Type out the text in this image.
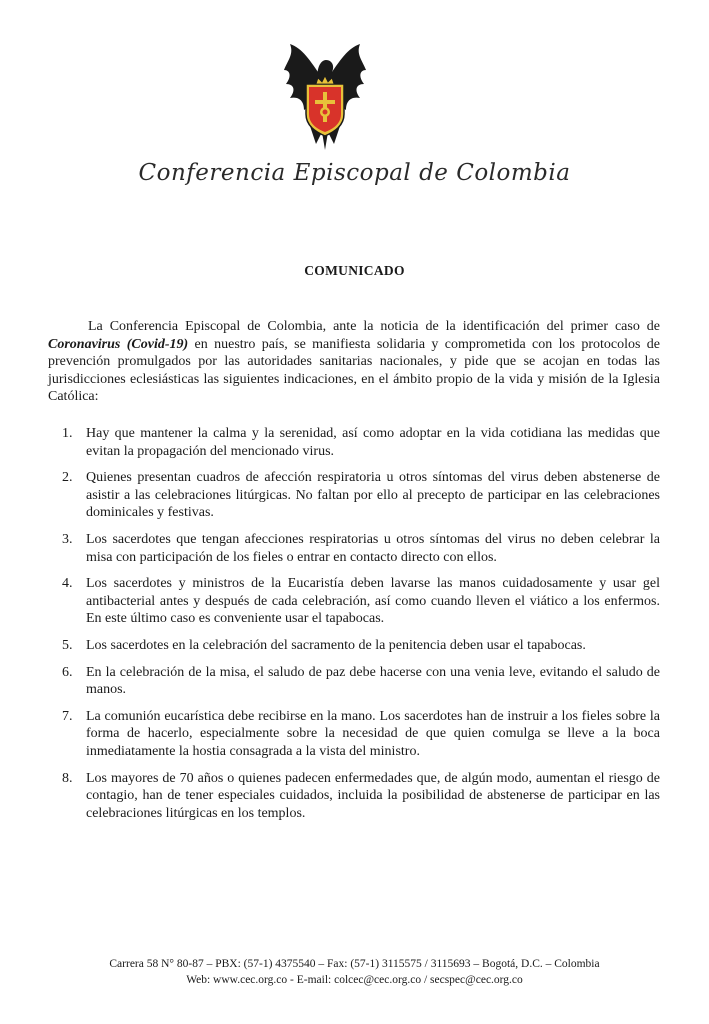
Conferencia Episcopal de Colombia
COMUNICADO

La Conferencia Episcopal de Colombia, ante la noticia de la identificación del primer caso de Coronavirus (Covid-19) en nuestro país, se manifiesta solidaria y comprometida con los protocolos de prevención promulgados por las autoridades sanitarias nacionales, y pide que se acojan en todas las jurisdicciones eclesiásticas las siguientes indicaciones, en el ámbito propio de la vida y misión de la Iglesia Católica:

1. Hay que mantener la calma y la serenidad, así como adoptar en la vida cotidiana las medidas que evitan la propagación del mencionado virus.
2. Quienes presentan cuadros de afección respiratoria u otros síntomas del virus deben abstenerse de asistir a las celebraciones litúrgicas. No faltan por ello al precepto de participar en las celebraciones dominicales y festivas.
3. Los sacerdotes que tengan afecciones respiratorias u otros síntomas del virus no deben celebrar la misa con participación de los fieles o entrar en contacto directo con ellos.
4. Los sacerdotes y ministros de la Eucaristía deben lavarse las manos cuidadosamente y usar gel antibacterial antes y después de cada celebración, así como cuando lleven el viático a los enfermos. En este último caso es conveniente usar el tapabocas.
5. Los sacerdotes en la celebración del sacramento de la penitencia deben usar el tapabocas.
6. En la celebración de la misa, el saludo de paz debe hacerse con una venia leve, evitando el saludo de manos.
7. La comunión eucarística debe recibirse en la mano. Los sacerdotes han de instruir a los fieles sobre la forma de hacerlo, especialmente sobre la necesidad de que quien comulga se lleve a la boca inmediatamente la hostia consagrada a la vista del ministro.
8. Los mayores de 70 años o quienes padecen enfermedades que, de algún modo, aumentan el riesgo de contagio, han de tener especiales cuidados, incluida la posibilidad de abstenerse de participar en las celebraciones litúrgicas en los templos.
Carrera 58 N° 80-87 – PBX: (57-1) 4375540 – Fax: (57-1) 3115575 / 3115693 – Bogotá, D.C. – Colombia
Web: www.cec.org.co - E-mail: colcec@cec.org.co / secspec@cec.org.co
